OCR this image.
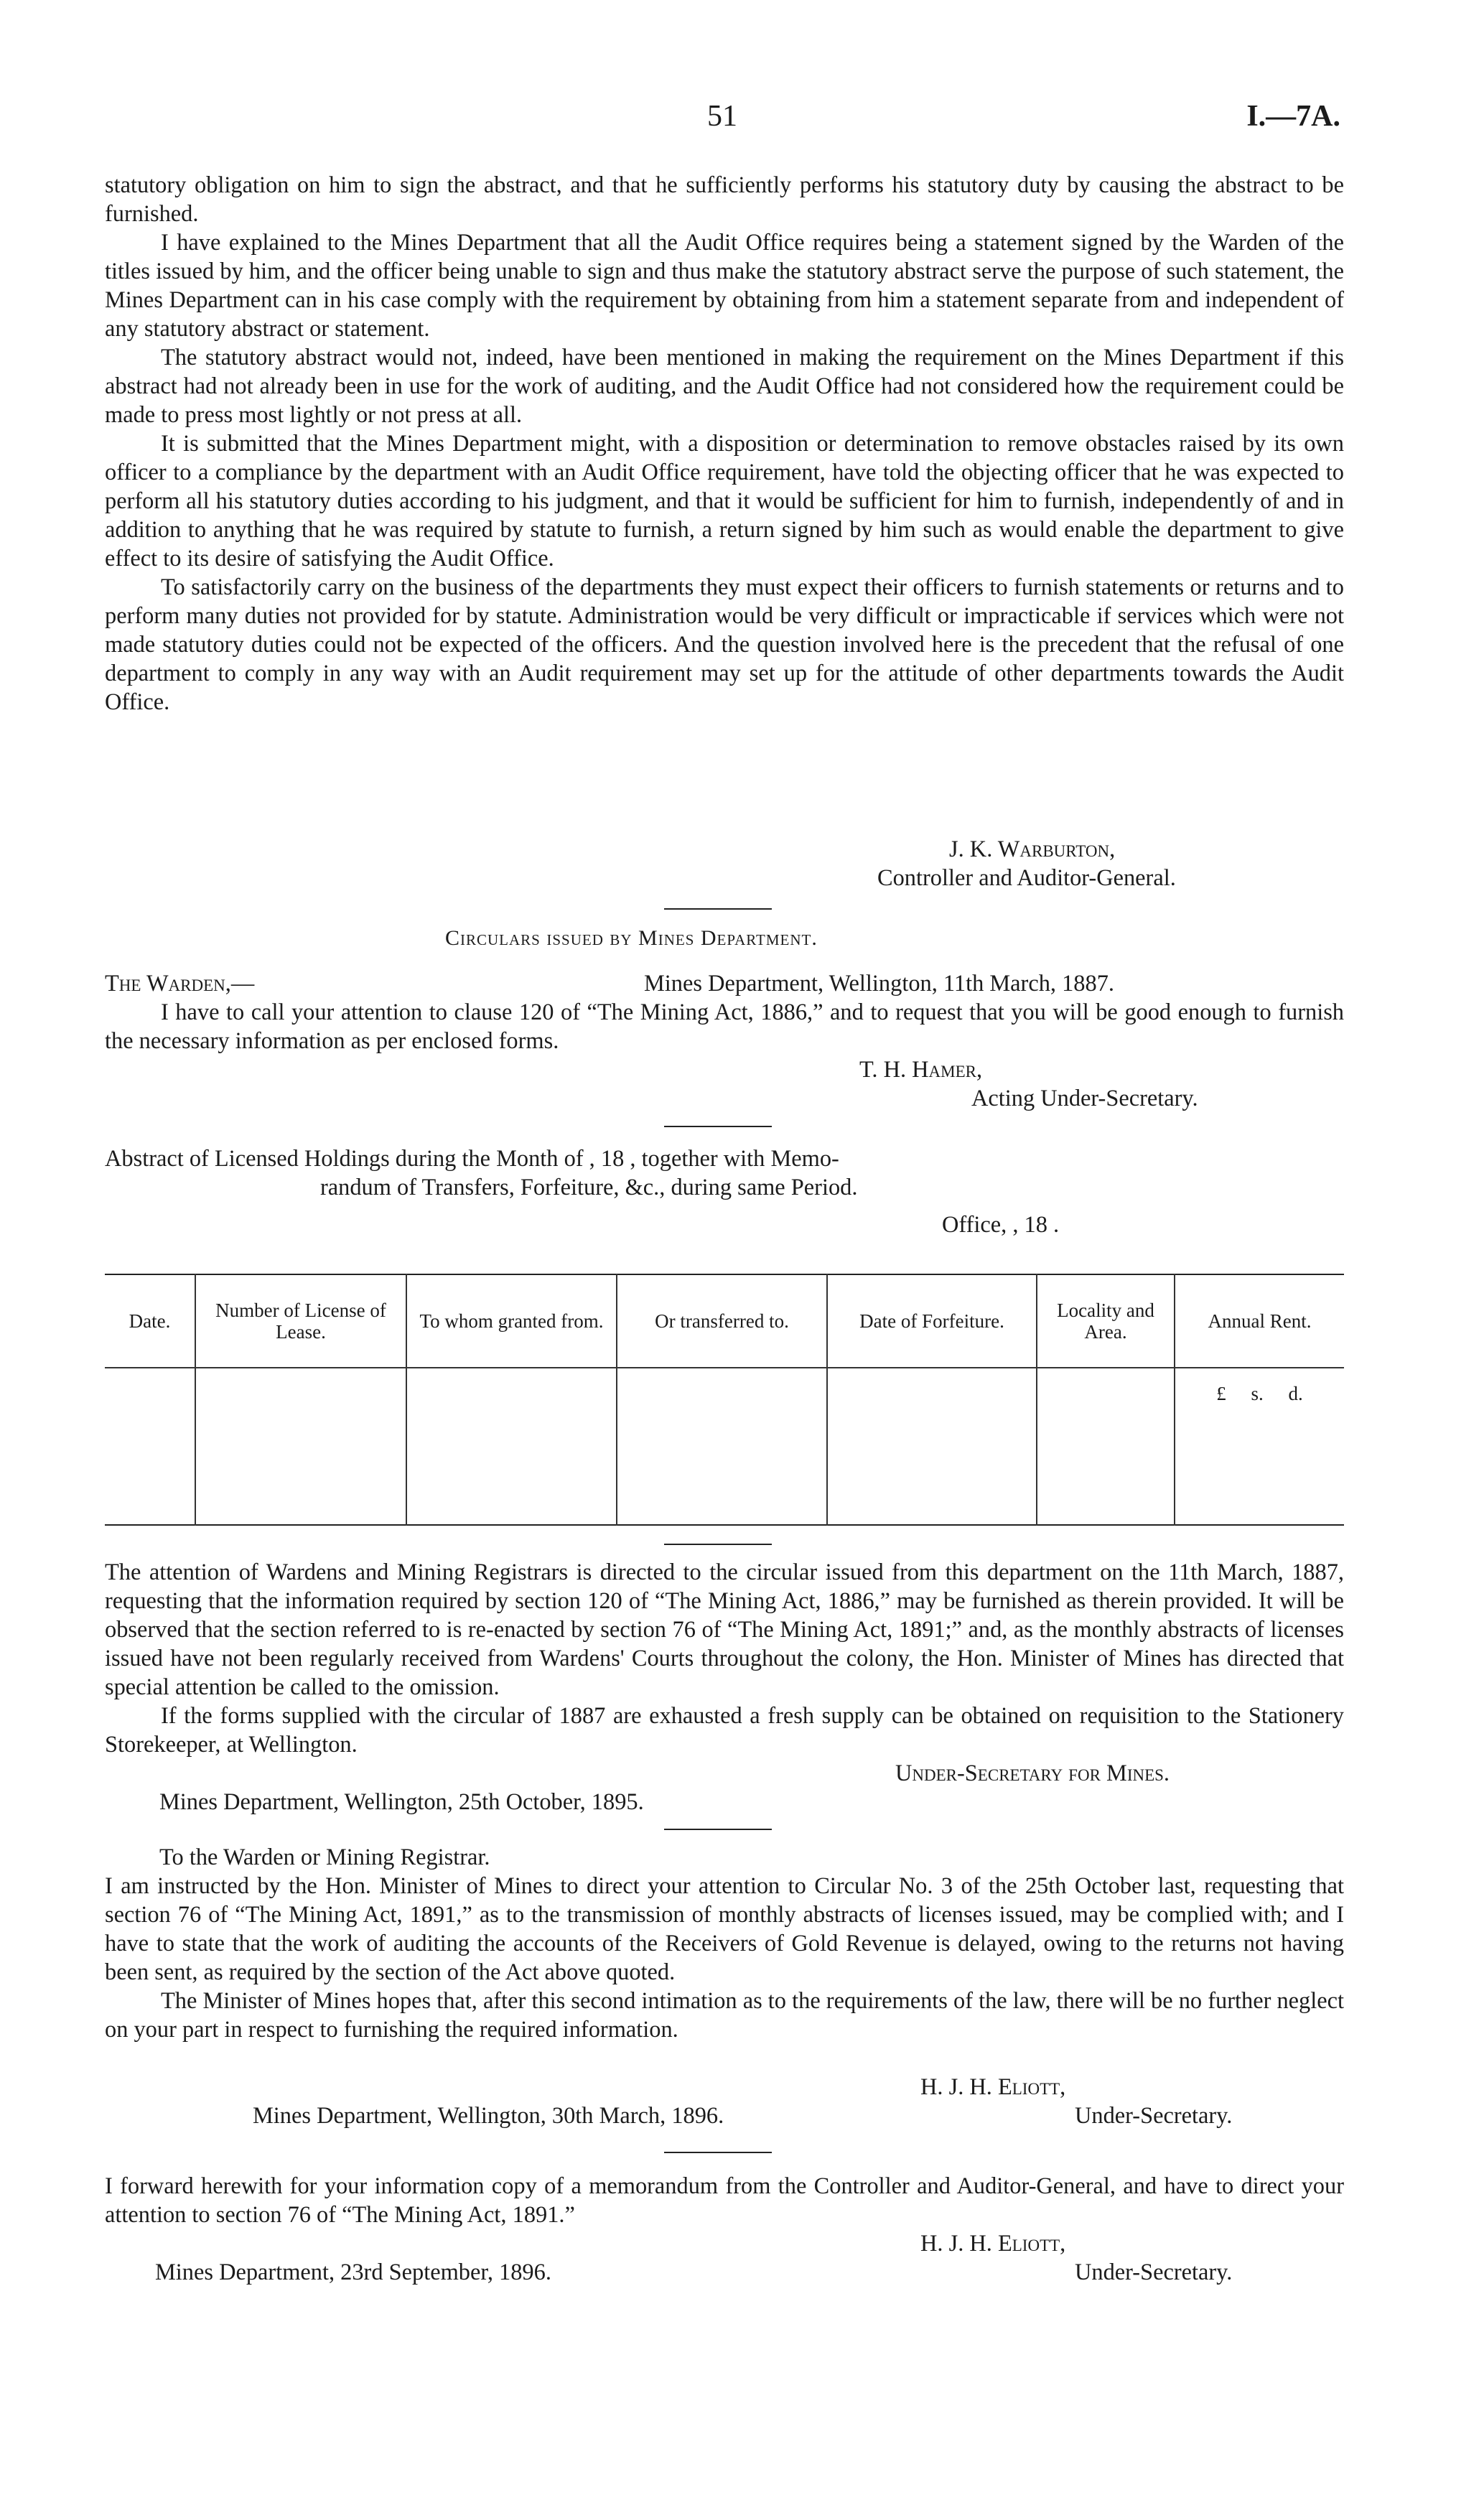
51	I.—7A.

statutory obligation on him to sign the abstract, and that he sufficiently performs his statutory duty by causing the abstract to be furnished.

I have explained to the Mines Department that all the Audit Office requires being a statement signed by the Warden of the titles issued by him, and the officer being unable to sign and thus make the statutory abstract serve the purpose of such statement, the Mines Department can in his case comply with the requirement by obtaining from him a statement separate from and independent of any statutory abstract or statement.

The statutory abstract would not, indeed, have been mentioned in making the requirement on the Mines Department if this abstract had not already been in use for the work of auditing, and the Audit Office had not considered how the requirement could be made to press most lightly or not press at all.

It is submitted that the Mines Department might, with a disposition or determination to remove obstacles raised by its own officer to a compliance by the department with an Audit Office requirement, have told the objecting officer that he was expected to perform all his statutory duties according to his judgment, and that it would be sufficient for him to furnish, independently of and in addition to anything that he was required by statute to furnish, a return signed by him such as would enable the department to give effect to its desire of satisfying the Audit Office.

To satisfactorily carry on the business of the departments they must expect their officers to furnish statements or returns and to perform many duties not provided for by statute. Administration would be very difficult or impracticable if services which were not made statutory duties could not be expected of the officers. And the question involved here is the precedent that the refusal of one department to comply in any way with an Audit requirement may set up for the attitude of other departments towards the Audit Office.

J. K. Warburton,
Controller and Auditor-General.
Circulars issued by Mines Department.
The Warden,—	Mines Department, Wellington, 11th March, 1887.

I have to call your attention to clause 120 of “The Mining Act, 1886,” and to request that you will be good enough to furnish the necessary information as per enclosed forms.

T. H. Hamer,
Acting Under-Secretary.
Abstract of Licensed Holdings during the Month of , 18 , together with Memo-
randum of Transfers, Forfeiture, &c., during same Period.
Office, , 18 .
Date.	Number of License of Lease.	To whom granted from.	Or transferred to.	Date of Forfeiture.	Locality and Area.	Annual Rent.
						£ s. d.

The attention of Wardens and Mining Registrars is directed to the circular issued from this department on the 11th March, 1887, requesting that the information required by section 120 of “The Mining Act, 1886,” may be furnished as therein provided. It will be observed that the section referred to is re-enacted by section 76 of “The Mining Act, 1891;” and, as the monthly abstracts of licenses issued have not been regularly received from Wardens' Courts throughout the colony, the Hon. Minister of Mines has directed that special attention be called to the omission.

If the forms supplied with the circular of 1887 are exhausted a fresh supply can be obtained on requisition to the Stationery Storekeeper, at Wellington.

Under-Secretary for Mines.
Mines Department, Wellington, 25th October, 1895.
To the Warden or Mining Registrar.

I am instructed by the Hon. Minister of Mines to direct your attention to Circular No. 3 of the 25th October last, requesting that section 76 of “The Mining Act, 1891,” as to the transmission of monthly abstracts of licenses issued, may be complied with; and I have to state that the work of auditing the accounts of the Receivers of Gold Revenue is delayed, owing to the returns not having been sent, as required by the section of the Act above quoted.

The Minister of Mines hopes that, after this second intimation as to the requirements of the law, there will be no further neglect on your part in respect to furnishing the required information.

H. J. H. Eliott,
Mines Department, Wellington, 30th March, 1896.	Under-Secretary.

I forward herewith for your information copy of a memorandum from the Controller and Auditor-General, and have to direct your attention to section 76 of “The Mining Act, 1891.”

H. J. H. Eliott,
Mines Department, 23rd September, 1896.	Under-Secretary.
